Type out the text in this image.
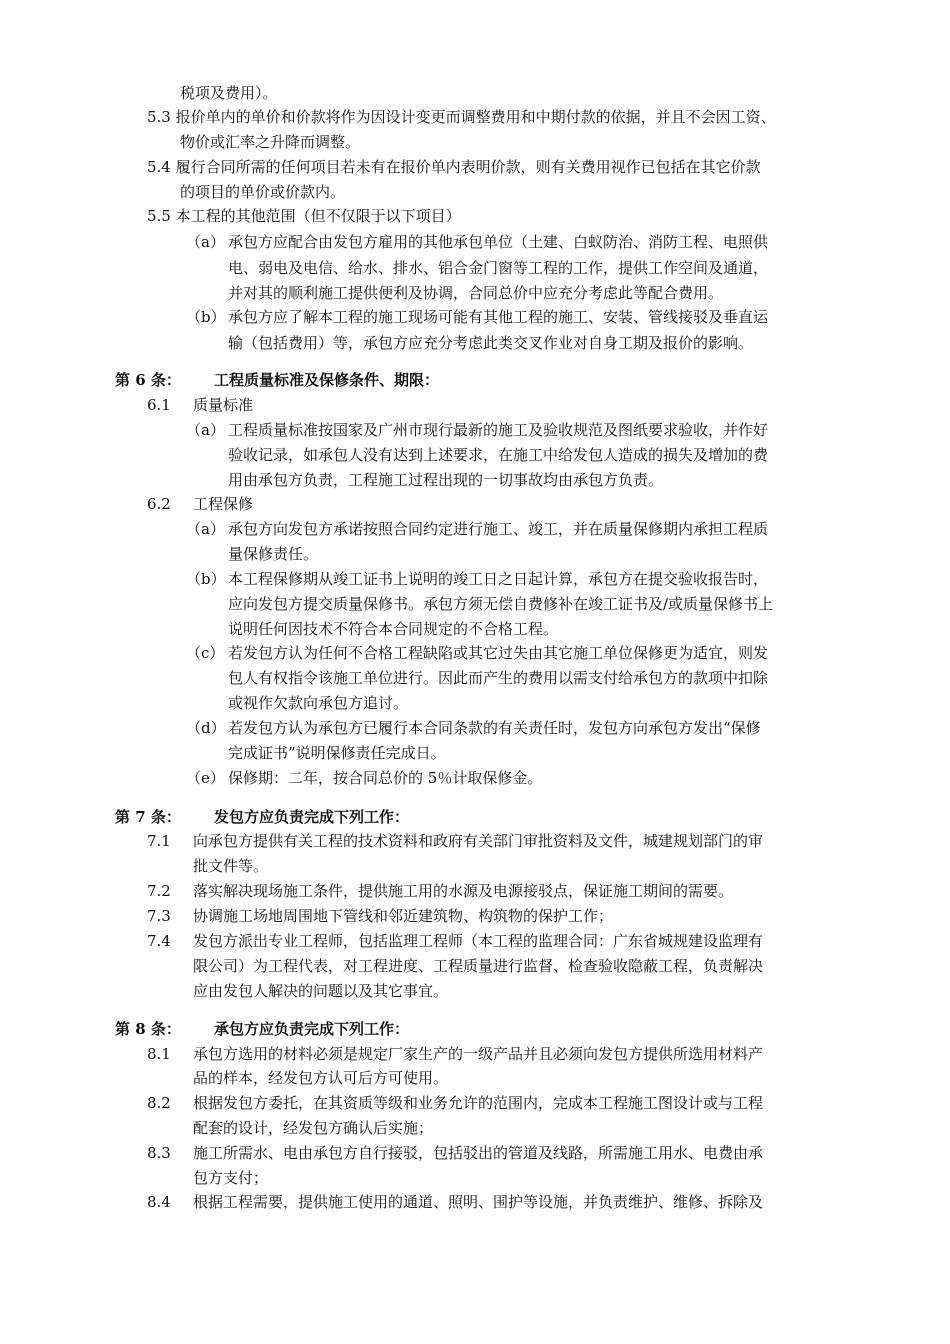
税项及费用）。
5.3 报价单内的单价和价款将作为因设计变更而调整费用和中期付款的依据，并且不会因工资、
物价或汇率之升降而调整。
5.4 履行合同所需的任何项目若未有在报价单内表明价款，则有关费用视作已包括在其它价款
的项目的单价或价款内。
5.5 本工程的其他范围（但不仅限于以下项目）
（a） 承包方应配合由发包方雇用的其他承包单位（土建、白蚁防治、消防工程、电照供
电、弱电及电信、给水、排水、铝合金门窗等工程的工作，提供工作空间及通道，
并对其的顺利施工提供便利及协调，合同总价中应充分考虑此等配合费用。
（b） 承包方应了解本工程的施工现场可能有其他工程的施工、安装、管线接驳及垂直运
输（包括费用）等，承包方应充分考虑此类交叉作业对自身工期及报价的影响。
第 6 条： 工程质量标准及保修条件、期限：
6.1 质量标准
（a） 工程质量标准按国家及广州市现行最新的施工及验收规范及图纸要求验收，并作好
验收记录，如承包人没有达到上述要求，在施工中给发包人造成的损失及增加的费
用由承包方负责，工程施工过程出现的一切事故均由承包方负责。
6.2 工程保修
（a） 承包方向发包方承诺按照合同约定进行施工、竣工，并在质量保修期内承担工程质
量保修责任。
（b） 本工程保修期从竣工证书上说明的竣工日之日起计算，承包方在提交验收报告时，
应向发包方提交质量保修书。承包方须无偿自费修补在竣工证书及/或质量保修书上
说明任何因技术不符合本合同规定的不合格工程。
（c） 若发包方认为任何不合格工程缺陷或其它过失由其它施工单位保修更为适宜，则发
包人有权指令该施工单位进行。因此而产生的费用以需支付给承包方的款项中扣除
或视作欠款向承包方追讨。
（d） 若发包方认为承包方已履行本合同条款的有关责任时，发包方向承包方发出“保修
完成证书”说明保修责任完成日。
（e） 保修期：二年，按合同总价的 5％计取保修金。
第 7 条： 发包方应负责完成下列工作：
7.1 向承包方提供有关工程的技术资料和政府有关部门审批资料及文件，城建规划部门的审
批文件等。
7.2 落实解决现场施工条件，提供施工用的水源及电源接驳点，保证施工期间的需要。
7.3 协调施工场地周围地下管线和邻近建筑物、构筑物的保护工作；
7.4 发包方派出专业工程师，包括监理工程师（本工程的监理合同：广东省城规建设监理有
限公司）为工程代表，对工程进度、工程质量进行监督、检查验收隐蔽工程，负责解决
应由发包人解决的问题以及其它事宜。
第 8 条： 承包方应负责完成下列工作：
8.1 承包方选用的材料必须是规定厂家生产的一级产品并且必须向发包方提供所选用材料产
品的样本，经发包方认可后方可使用。
8.2 根据发包方委托，在其资质等级和业务允许的范围内，完成本工程施工图设计或与工程
配套的设计，经发包方确认后实施；
8.3 施工所需水、电由承包方自行接驳，包括驳出的管道及线路，所需施工用水、电费由承
包方支付；
8.4 根据工程需要，提供施工使用的通道、照明、围护等设施，并负责维护、维修、拆除及
